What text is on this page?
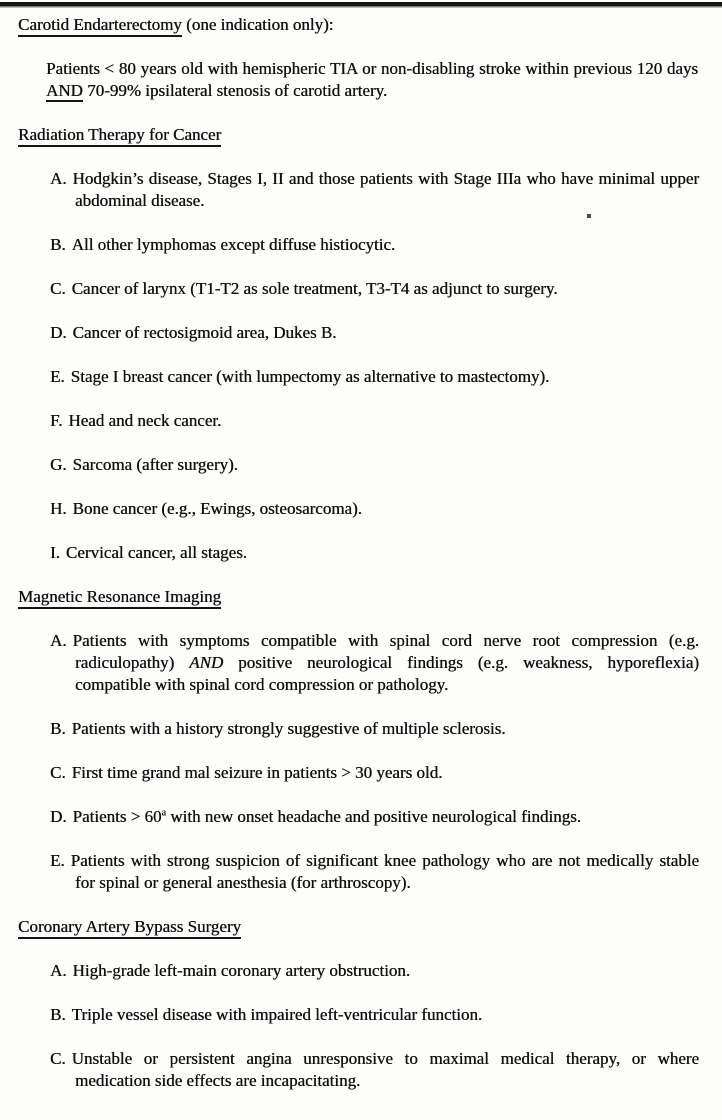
Carotid Endarterectomy (one indication only):
Patients < 80 years old with hemispheric TIA or non-disabling stroke within previous 120 days AND 70-99% ipsilateral stenosis of carotid artery.
Radiation Therapy for Cancer
A. Hodgkin’s disease, Stages I, II and those patients with Stage IIIa who have minimal upper abdominal disease.
B. All other lymphomas except diffuse histiocytic.
C. Cancer of larynx (T1-T2 as sole treatment, T3-T4 as adjunct to surgery.
D. Cancer of rectosigmoid area, Dukes B.
E. Stage I breast cancer (with lumpectomy as alternative to mastectomy).
F. Head and neck cancer.
G. Sarcoma (after surgery).
H. Bone cancer (e.g., Ewings, osteosarcoma).
I. Cervical cancer, all stages.
Magnetic Resonance Imaging
A. Patients with symptoms compatible with spinal cord nerve root compression (e.g. radiculopathy) AND positive neurological findings (e.g. weakness, hyporeflexia) compatible with spinal cord compression or pathology.
B. Patients with a history strongly suggestive of multiple sclerosis.
C. First time grand mal seizure in patients > 30 years old.
D. Patients > 60$^a$ with new onset headache and positive neurological findings.
E. Patients with strong suspicion of significant knee pathology who are not medically stable for spinal or general anesthesia (for arthroscopy).
Coronary Artery Bypass Surgery
A. High-grade left-main coronary artery obstruction.
B. Triple vessel disease with impaired left-ventricular function.
C. Unstable or persistent angina unresponsive to maximal medical therapy, or where medication side effects are incapacitating.
